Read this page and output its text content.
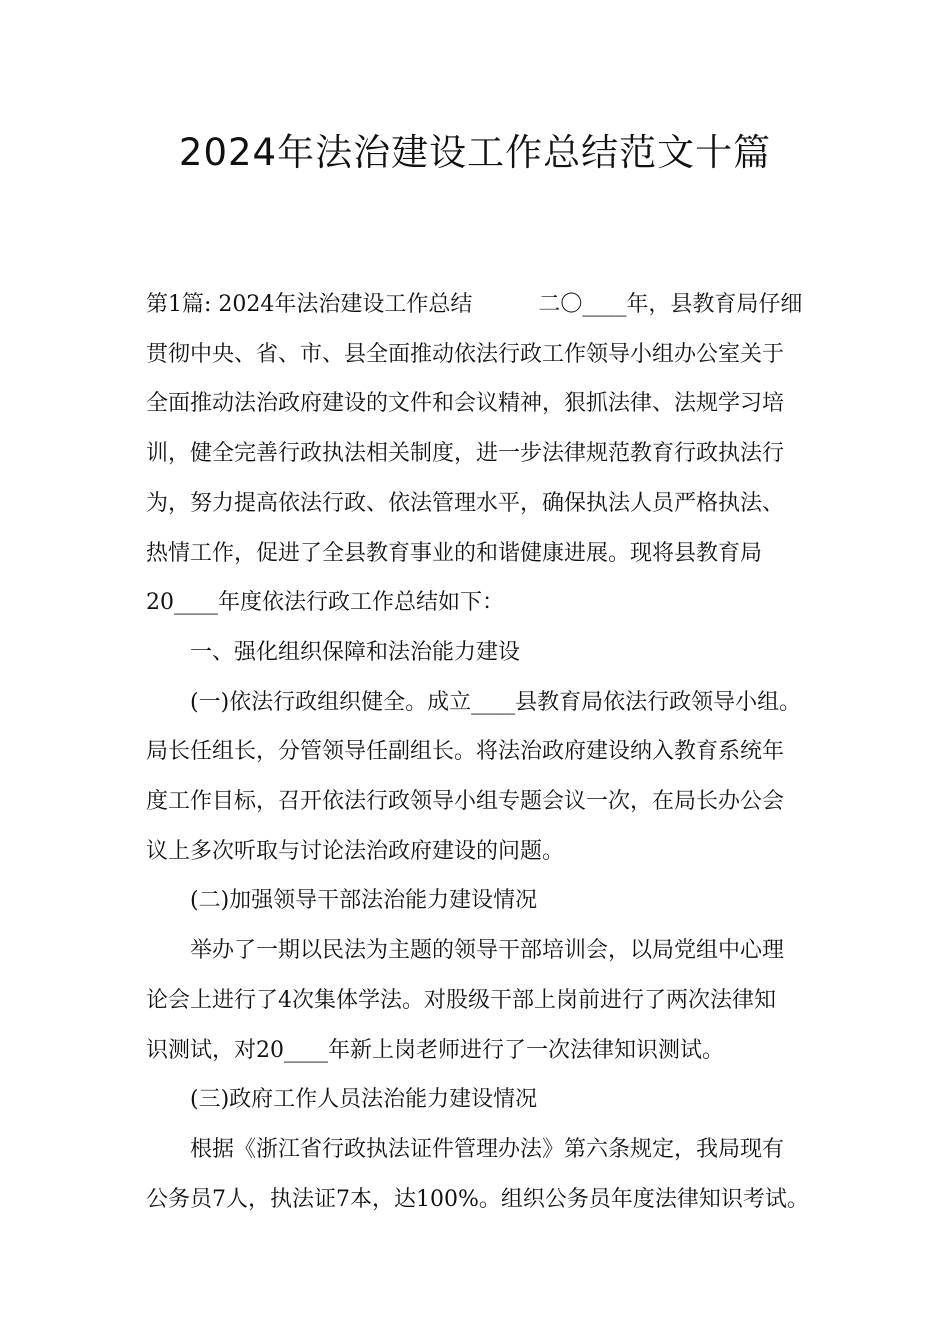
2024年法治建设工作总结范文十篇

第1篇: 2024年法治建设工作总结　　　二〇____年，县教育局仔细

贯彻中央、省、市、县全面推动依法行政工作领导小组办公室关于

全面推动法治政府建设的文件和会议精神，狠抓法律、法规学习培

训，健全完善行政执法相关制度，进一步法律规范教育行政执法行

为，努力提高依法行政、依法管理水平，确保执法人员严格执法、

热情工作，促进了全县教育事业的和谐健康进展。现将县教育局

20____年度依法行政工作总结如下：

一、强化组织保障和法治能力建设

(一)依法行政组织健全。成立____县教育局依法行政领导小组。

局长任组长，分管领导任副组长。将法治政府建设纳入教育系统年

度工作目标，召开依法行政领导小组专题会议一次，在局长办公会

议上多次听取与讨论法治政府建设的问题。

(二)加强领导干部法治能力建设情况

举办了一期以民法为主题的领导干部培训会，以局党组中心理

论会上进行了4次集体学法。对股级干部上岗前进行了两次法律知

识测试，对20____年新上岗老师进行了一次法律知识测试。

(三)政府工作人员法治能力建设情况

根据《浙江省行政执法证件管理办法》第六条规定，我局现有

公务员7人，执法证7本，达100%。组织公务员年度法律知识考试。
